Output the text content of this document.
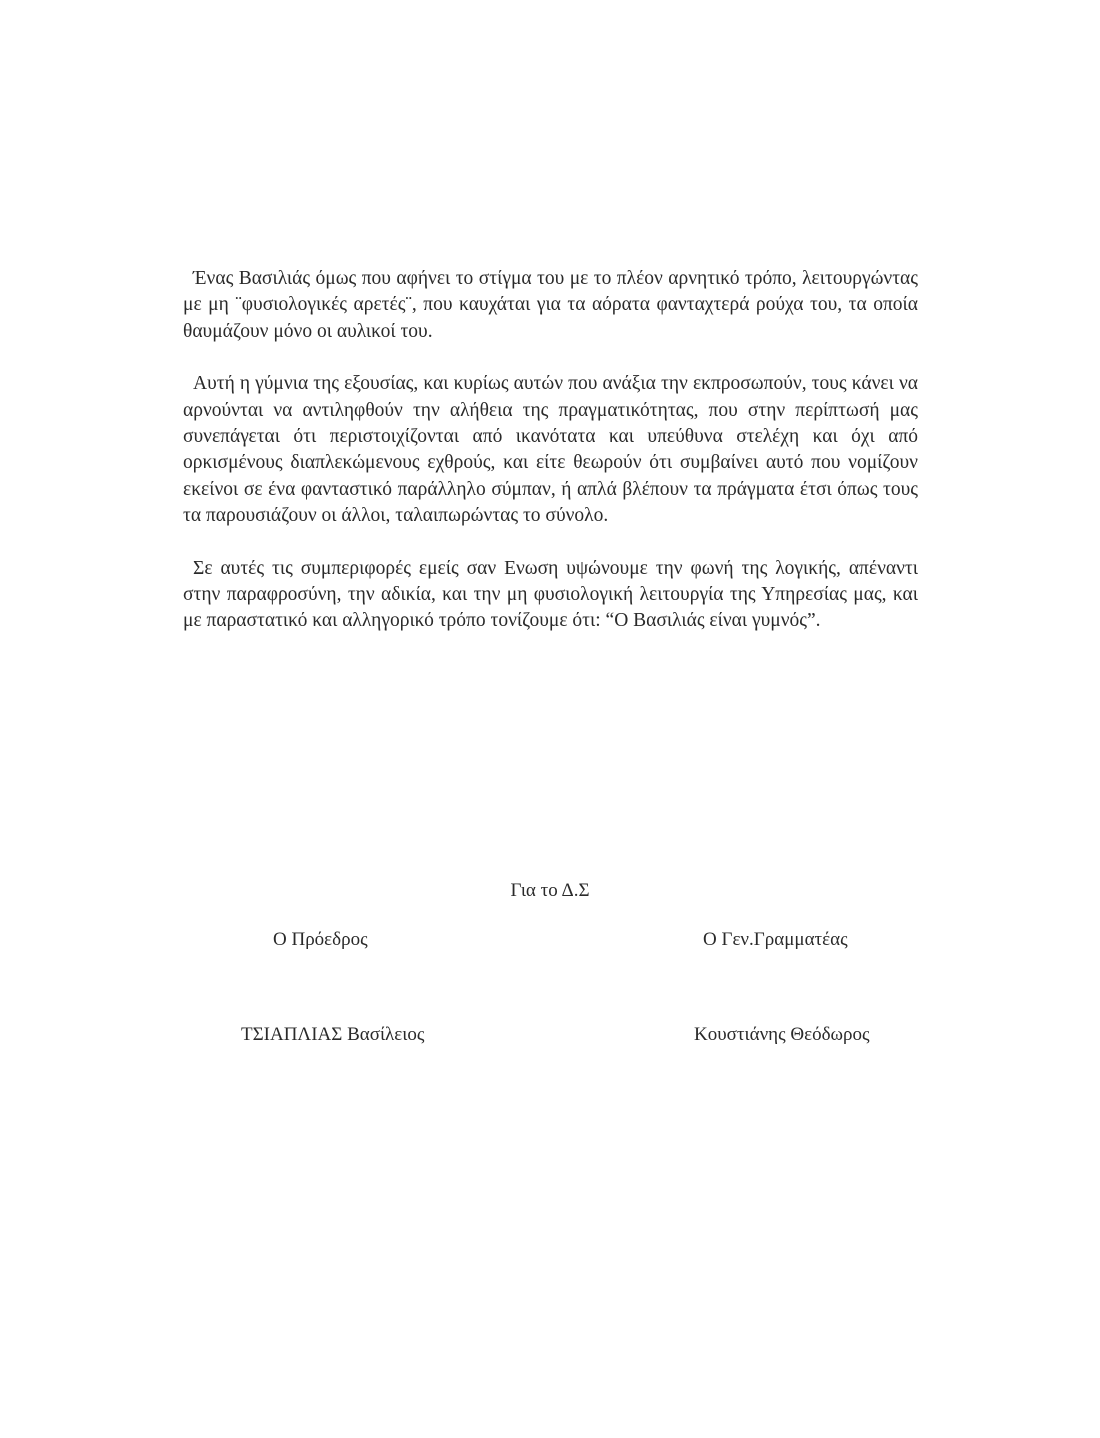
Ένας Βασιλιάς όμως που αφήνει το στίγμα του με το πλέον αρνητικό τρόπο, λειτουργώντας με μη ¨φυσιολογικές αρετές¨, που καυχάται για τα αόρατα φανταχτερά ρούχα του, τα οποία θαυμάζουν μόνο οι αυλικοί του.

Αυτή η γύμνια της εξουσίας, και κυρίως αυτών που ανάξια την εκπροσωπούν, τους κάνει να αρνούνται να αντιληφθούν την αλήθεια της πραγματικότητας, που στην περίπτωσή μας συνεπάγεται ότι περιστοιχίζονται από ικανότατα και υπεύθυνα στελέχη και όχι από ορκισμένους διαπλεκώμενους εχθρούς, και είτε θεωρούν ότι συμβαίνει αυτό που νομίζουν εκείνοι σε ένα φανταστικό παράλληλο σύμπαν, ή απλά βλέπουν τα πράγματα έτσι όπως τους τα παρουσιάζουν οι άλλοι, ταλαιπωρώντας το σύνολο.

Σε αυτές τις συμπεριφορές εμείς σαν Ενωση υψώνουμε την φωνή της λογικής, απέναντι στην παραφροσύνη, την αδικία, και την μη φυσιολογική λειτουργία της Υπηρεσίας μας, και με παραστατικό και αλληγορικό τρόπο τονίζουμε ότι: “Ο Βασιλιάς είναι γυμνός”.

Για το Δ.Σ
Ο Πρόεδρος	Ο Γεν.Γραμματέας
ΤΣΙΑΠΛΙΑΣ Βασίλειος	Κουστιάνης Θεόδωρος
